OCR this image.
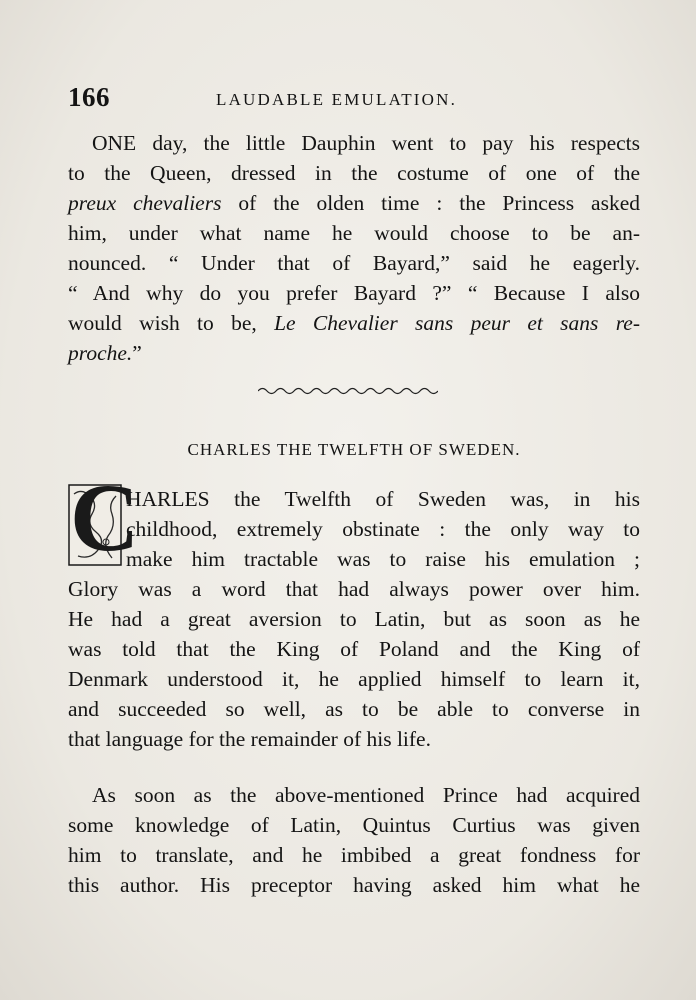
166	LAUDABLE EMULATION.
ONE day, the little Dauphin went to pay his respects
to the Queen, dressed in the costume of one of the
preux chevaliers of the olden time : the Princess asked
him, under what name he would choose to be an-
nounced. “ Under that of Bayard,” said he eagerly.
“ And why do you prefer Bayard ?” “ Because I also
would wish to be, Le Chevalier sans peur et sans re-
proche.”
CHARLES THE TWELFTH OF SWEDEN.
C
HARLES the Twelfth of Sweden was, in his
childhood, extremely obstinate : the only way to
make him tractable was to raise his emulation ;
Glory was a word that had always power over him.
He had a great aversion to Latin, but as soon as he
was told that the King of Poland and the King of
Denmark understood it, he applied himself to learn it,
and succeeded so well, as to be able to converse in
that language for the remainder of his life.
As soon as the above-mentioned Prince had acquired
some knowledge of Latin, Quintus Curtius was given
him to translate, and he imbibed a great fondness for
this author. His preceptor having asked him what he
